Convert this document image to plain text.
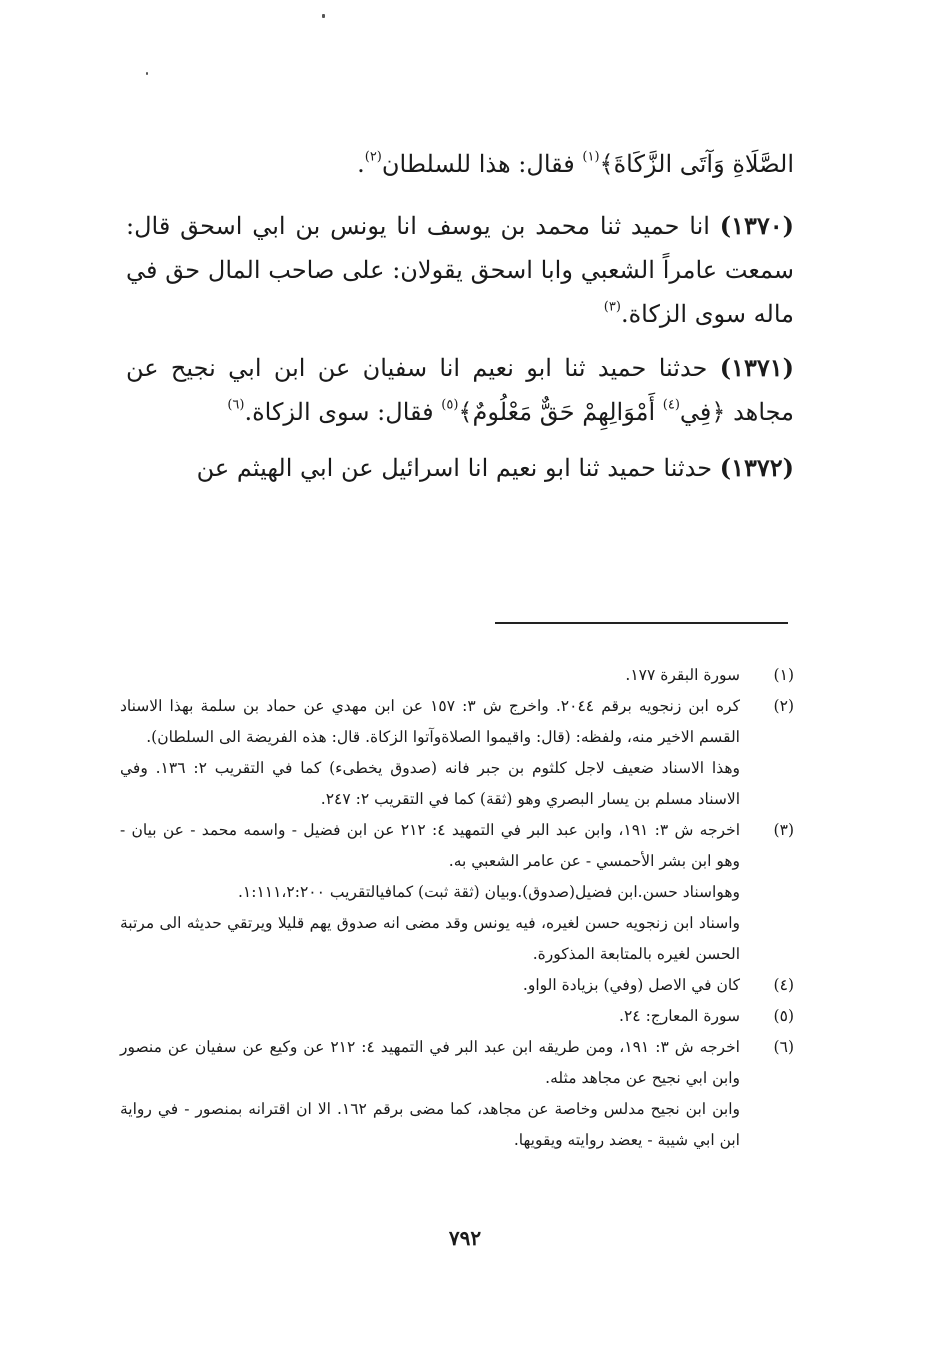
الصَّلَاةِ وَآتَى الزَّكَاةَ﴾$^{(١)}$ فقال: هذا للسلطان$^{(٢)}$.

(١٣٧٠) انا حميد ثنا محمد بن يوسف انا يونس بن ابي اسحق قال: سمعت عامراً الشعبي وابا اسحق يقولان: على صاحب المال حق في ماله سوى الزكاة.$^{(٣)}$

(١٣٧١) حدثنا حميد ثنا ابو نعيم انا سفيان عن ابن ابي نجيح عن مجاهد ﴿فِي$^{(٤)}$ أَمْوَالِهِمْ حَقٌّ مَعْلُومٌ﴾$^{(٥)}$ فقال: سوى الزكاة.$^{(٦)}$

(١٣٧٢) حدثنا حميد ثنا ابو نعيم انا اسرائيل عن ابي الهيثم عن

(١)

سورة البقرة ١٧٧.

(٢)

كره ابن زنجويه برقم ٢٠٤٤. واخرج ش ٣: ١٥٧ عن ابن مهدي عن حماد بن سلمة بهذا الاسناد القسم الاخير منه، ولفظه: (قال: واقيموا الصلاةوآتوا الزكاة. قال: هذه الفريضة الى السلطان).

وهذا الاسناد ضعيف لاجل كلثوم بن جبر فانه (صدوق يخطىء) كما في التقريب ٢: ١٣٦. وفي الاسناد مسلم بن يسار البصري وهو (ثقة) كما في التقريب ٢: ٢٤٧.

(٣)

اخرجه ش ٣: ١٩١، وابن عبد البر في التمهيد ٤: ٢١٢ عن ابن فضيل - واسمه محمد - عن بيان - وهو ابن بشر الأحمسي - عن عامر الشعبي به.

وهواسناد حسن.ابن فضيل(صدوق).وبيان (ثقة ثبت) كمافيالتقريب ١:١١١،٢:٢٠٠.

واسناد ابن زنجويه حسن لغيره، فيه يونس وقد مضى انه صدوق يهم قليلا ويرتقي حديثه الى مرتبة الحسن لغيره بالمتابعة المذكورة.

(٤)

كان في الاصل (وفي) بزيادة الواو.

(٥)

سورة المعارج: ٢٤.

(٦)

اخرجه ش ٣: ١٩١، ومن طريقه ابن عبد البر في التمهيد ٤: ٢١٢ عن وكيع عن سفيان عن منصور وابن ابي نجيح عن مجاهد مثله.

وابن ابن نجيح مدلس وخاصة عن مجاهد، كما مضى برقم ١٦٢. الا ان اقترانه بمنصور - في رواية ابن ابي شيبة - يعضد روايته ويقويها.

٧٩٢
